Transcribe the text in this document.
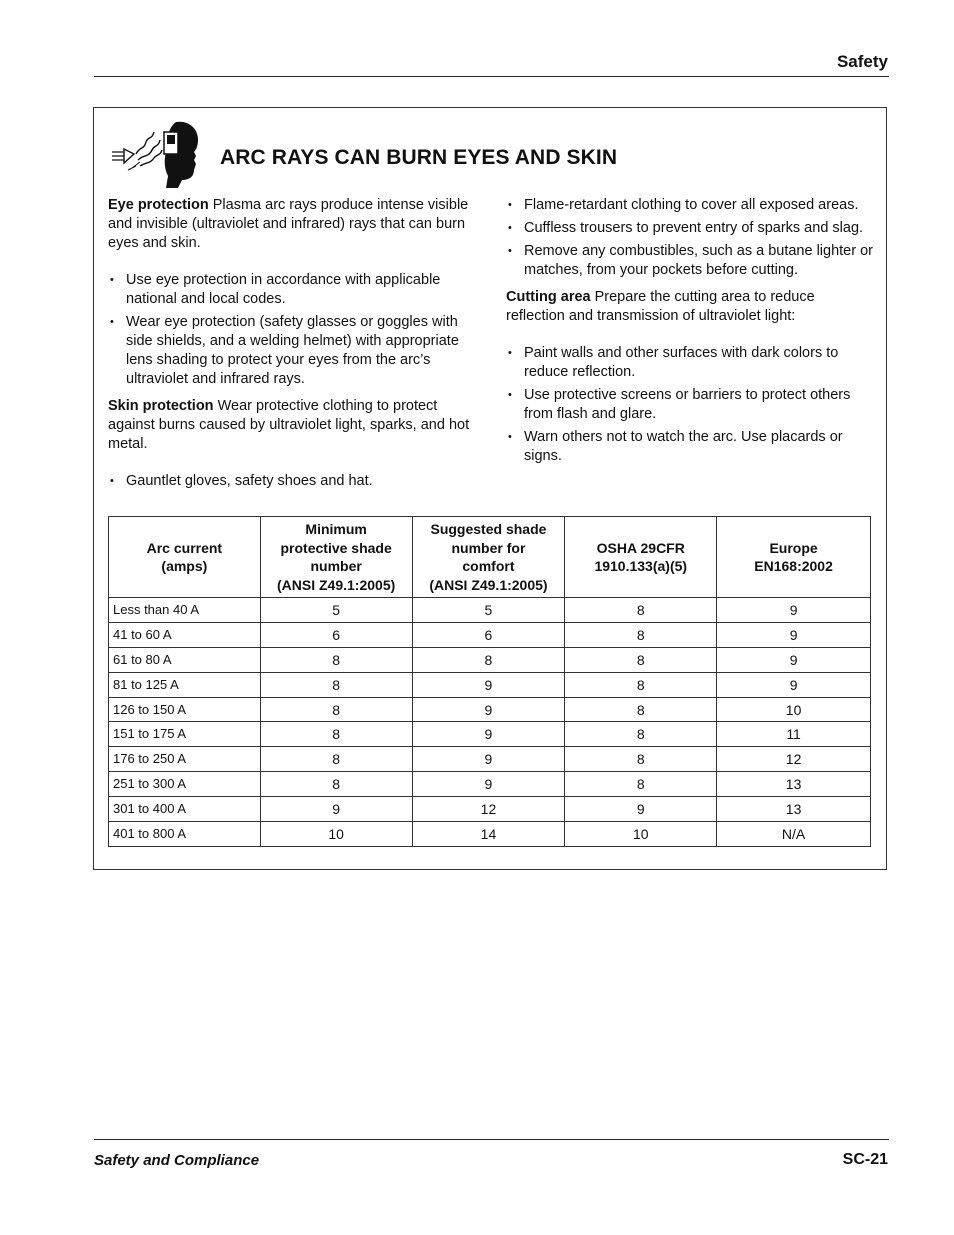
Safety
ARC RAYS CAN BURN EYES AND SKIN

Eye protection Plasma arc rays produce intense visible and invisible (ultraviolet and infrared) rays that can burn eyes and skin.

• Use eye protection in accordance with applicable national and local codes.
• Wear eye protection (safety glasses or goggles with side shields, and a welding helmet) with appropriate lens shading to protect your eyes from the arc’s ultraviolet and infrared rays.

Skin protection Wear protective clothing to protect against burns caused by ultraviolet light, sparks, and hot metal.

• Gauntlet gloves, safety shoes and hat.
• Flame-retardant clothing to cover all exposed areas.
• Cuffless trousers to prevent entry of sparks and slag.
• Remove any combustibles, such as a butane lighter or matches, from your pockets before cutting.

Cutting area Prepare the cutting area to reduce reflection and transmission of ultraviolet light:

• Paint walls and other surfaces with dark colors to reduce reflection.
• Use protective screens or barriers to protect others from flash and glare.
• Warn others not to watch the arc. Use placards or signs.
Arc current
(amps)	Minimum
protective shade
number
(ANSI Z49.1:2005)	Suggested shade
number for
comfort
(ANSI Z49.1:2005)	OSHA 29CFR
1910.133(a)(5)	Europe
EN168:2002

Less than 40 A	5	5	8	9
41 to 60 A	6	6	8	9
61 to 80 A	8	8	8	9
81 to 125 A	8	9	8	9
126 to 150 A	8	9	8	10
151 to 175 A	8	9	8	11
176 to 250 A	8	9	8	12
251 to 300 A	8	9	8	13
301 to 400 A	9	12	9	13
401 to 800 A	10	14	10	N/A
Safety and Compliance	SC-21
